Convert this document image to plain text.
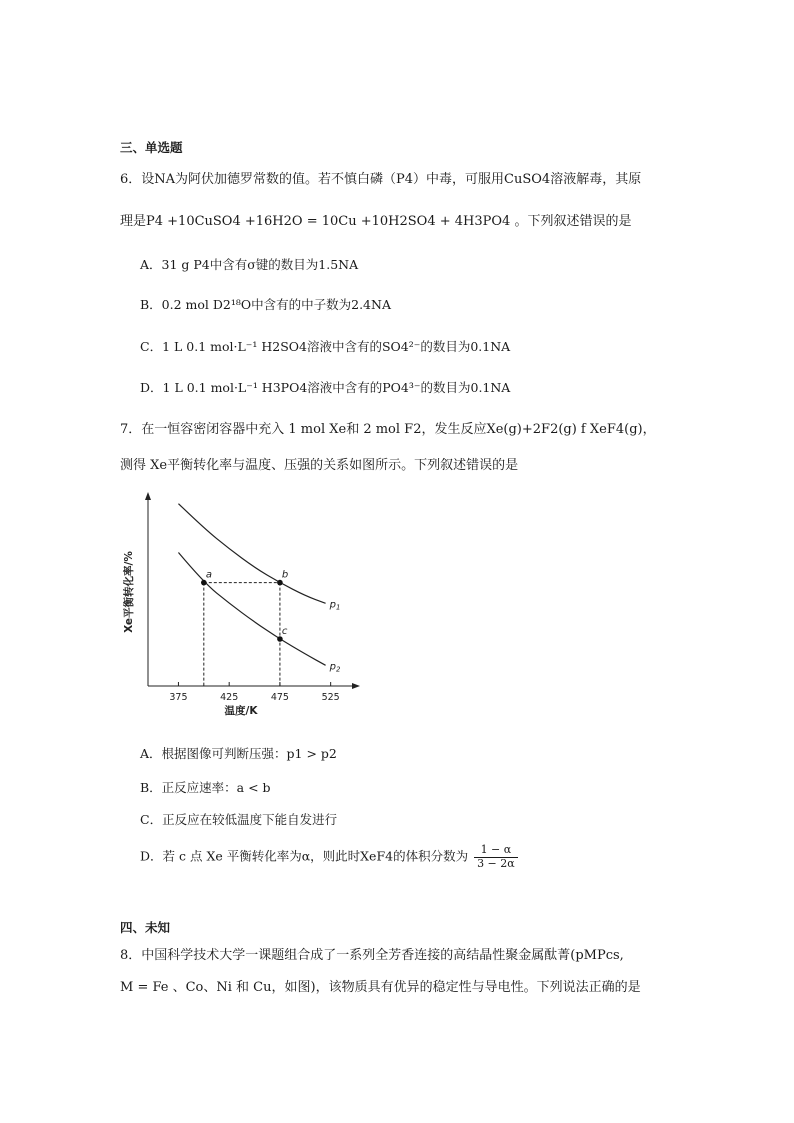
三、单选题
6．设NA为阿伏加德罗常数的值。若不慎白磷（P4）中毒，可服用CuSO4溶液解毒，其原
理是P4 +10CuSO4 +16H2O = 10Cu +10H2SO4 + 4H3PO4 。下列叙述错误的是
A．31 g P4中含有σ键的数目为1.5NA
B．0.2 mol D2¹⁸O中含有的中子数为2.4NA
C．1 L 0.1 mol·L⁻¹ H2SO4溶液中含有的SO4²⁻的数目为0.1NA
D．1 L 0.1 mol·L⁻¹ H3PO4溶液中含有的PO4³⁻的数目为0.1NA
7．在一恒容密闭容器中充入 1 mol Xe和 2 mol F2，发生反应Xe(g)+2F2(g) f XeF4(g)，
测得 Xe平衡转化率与温度、压强的关系如图所示。下列叙述错误的是
375	425	475	525
温度/K
Xe平衡转化率/%	$p_1$
$p_2$
a	b
c
A．根据图像可判断压强：p1 > p2
B．正反应速率：a < b
C．正反应在较低温度下能自发进行
D．若 c 点 Xe 平衡转化率为α，则此时XeF4的体积分数为 $\frac{1 - \alpha}{3 - 2\alpha}$
四、未知
8．中国科学技术大学一课题组合成了一系列全芳香连接的高结晶性聚金属酞菁(pMPcs,
M = Fe 、Co、Ni 和 Cu，如图)，该物质具有优异的稳定性与导电性。下列说法正确的是
